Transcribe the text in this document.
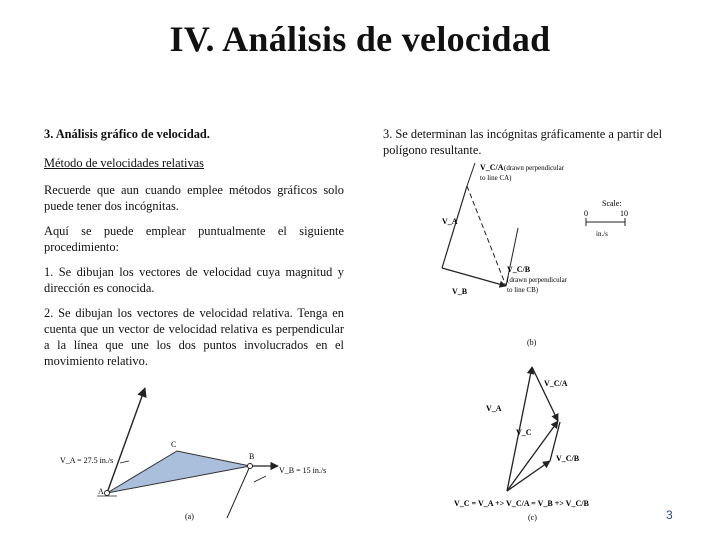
IV. Análisis de velocidad

3. Análisis gráfico de velocidad.

Método de velocidades relativas

Recuerde que aun cuando emplee métodos gráficos solo puede tener dos incógnitas.

Aquí se puede emplear puntualmente el siguiente procedimiento:

1. Se dibujan los vectores de velocidad cuya magnitud y dirección es conocida.

2. Se dibujan los vectores de velocidad relativa. Tenga en cuenta que un vector de velocidad relativa es perpendicular a la línea que une los dos puntos involucrados en el movimiento relativo.

3. Se determinan las incógnitas gráficamente a partir del polígono resultante.
V_A = 27.5 in./s
C
B
V_B = 15 in./s
A
(a)
V_C/A (drawn perpendicular
to line CA)
V_A
V_C/B
(drawn perpendicular
to line CB)
V_B
Scale:
0	10
in./s
(b)
V_C/A
V_A
V_C
V_C/B
V_C = V_A +> V_C/A = V_B +> V_C/B
(c)	3
